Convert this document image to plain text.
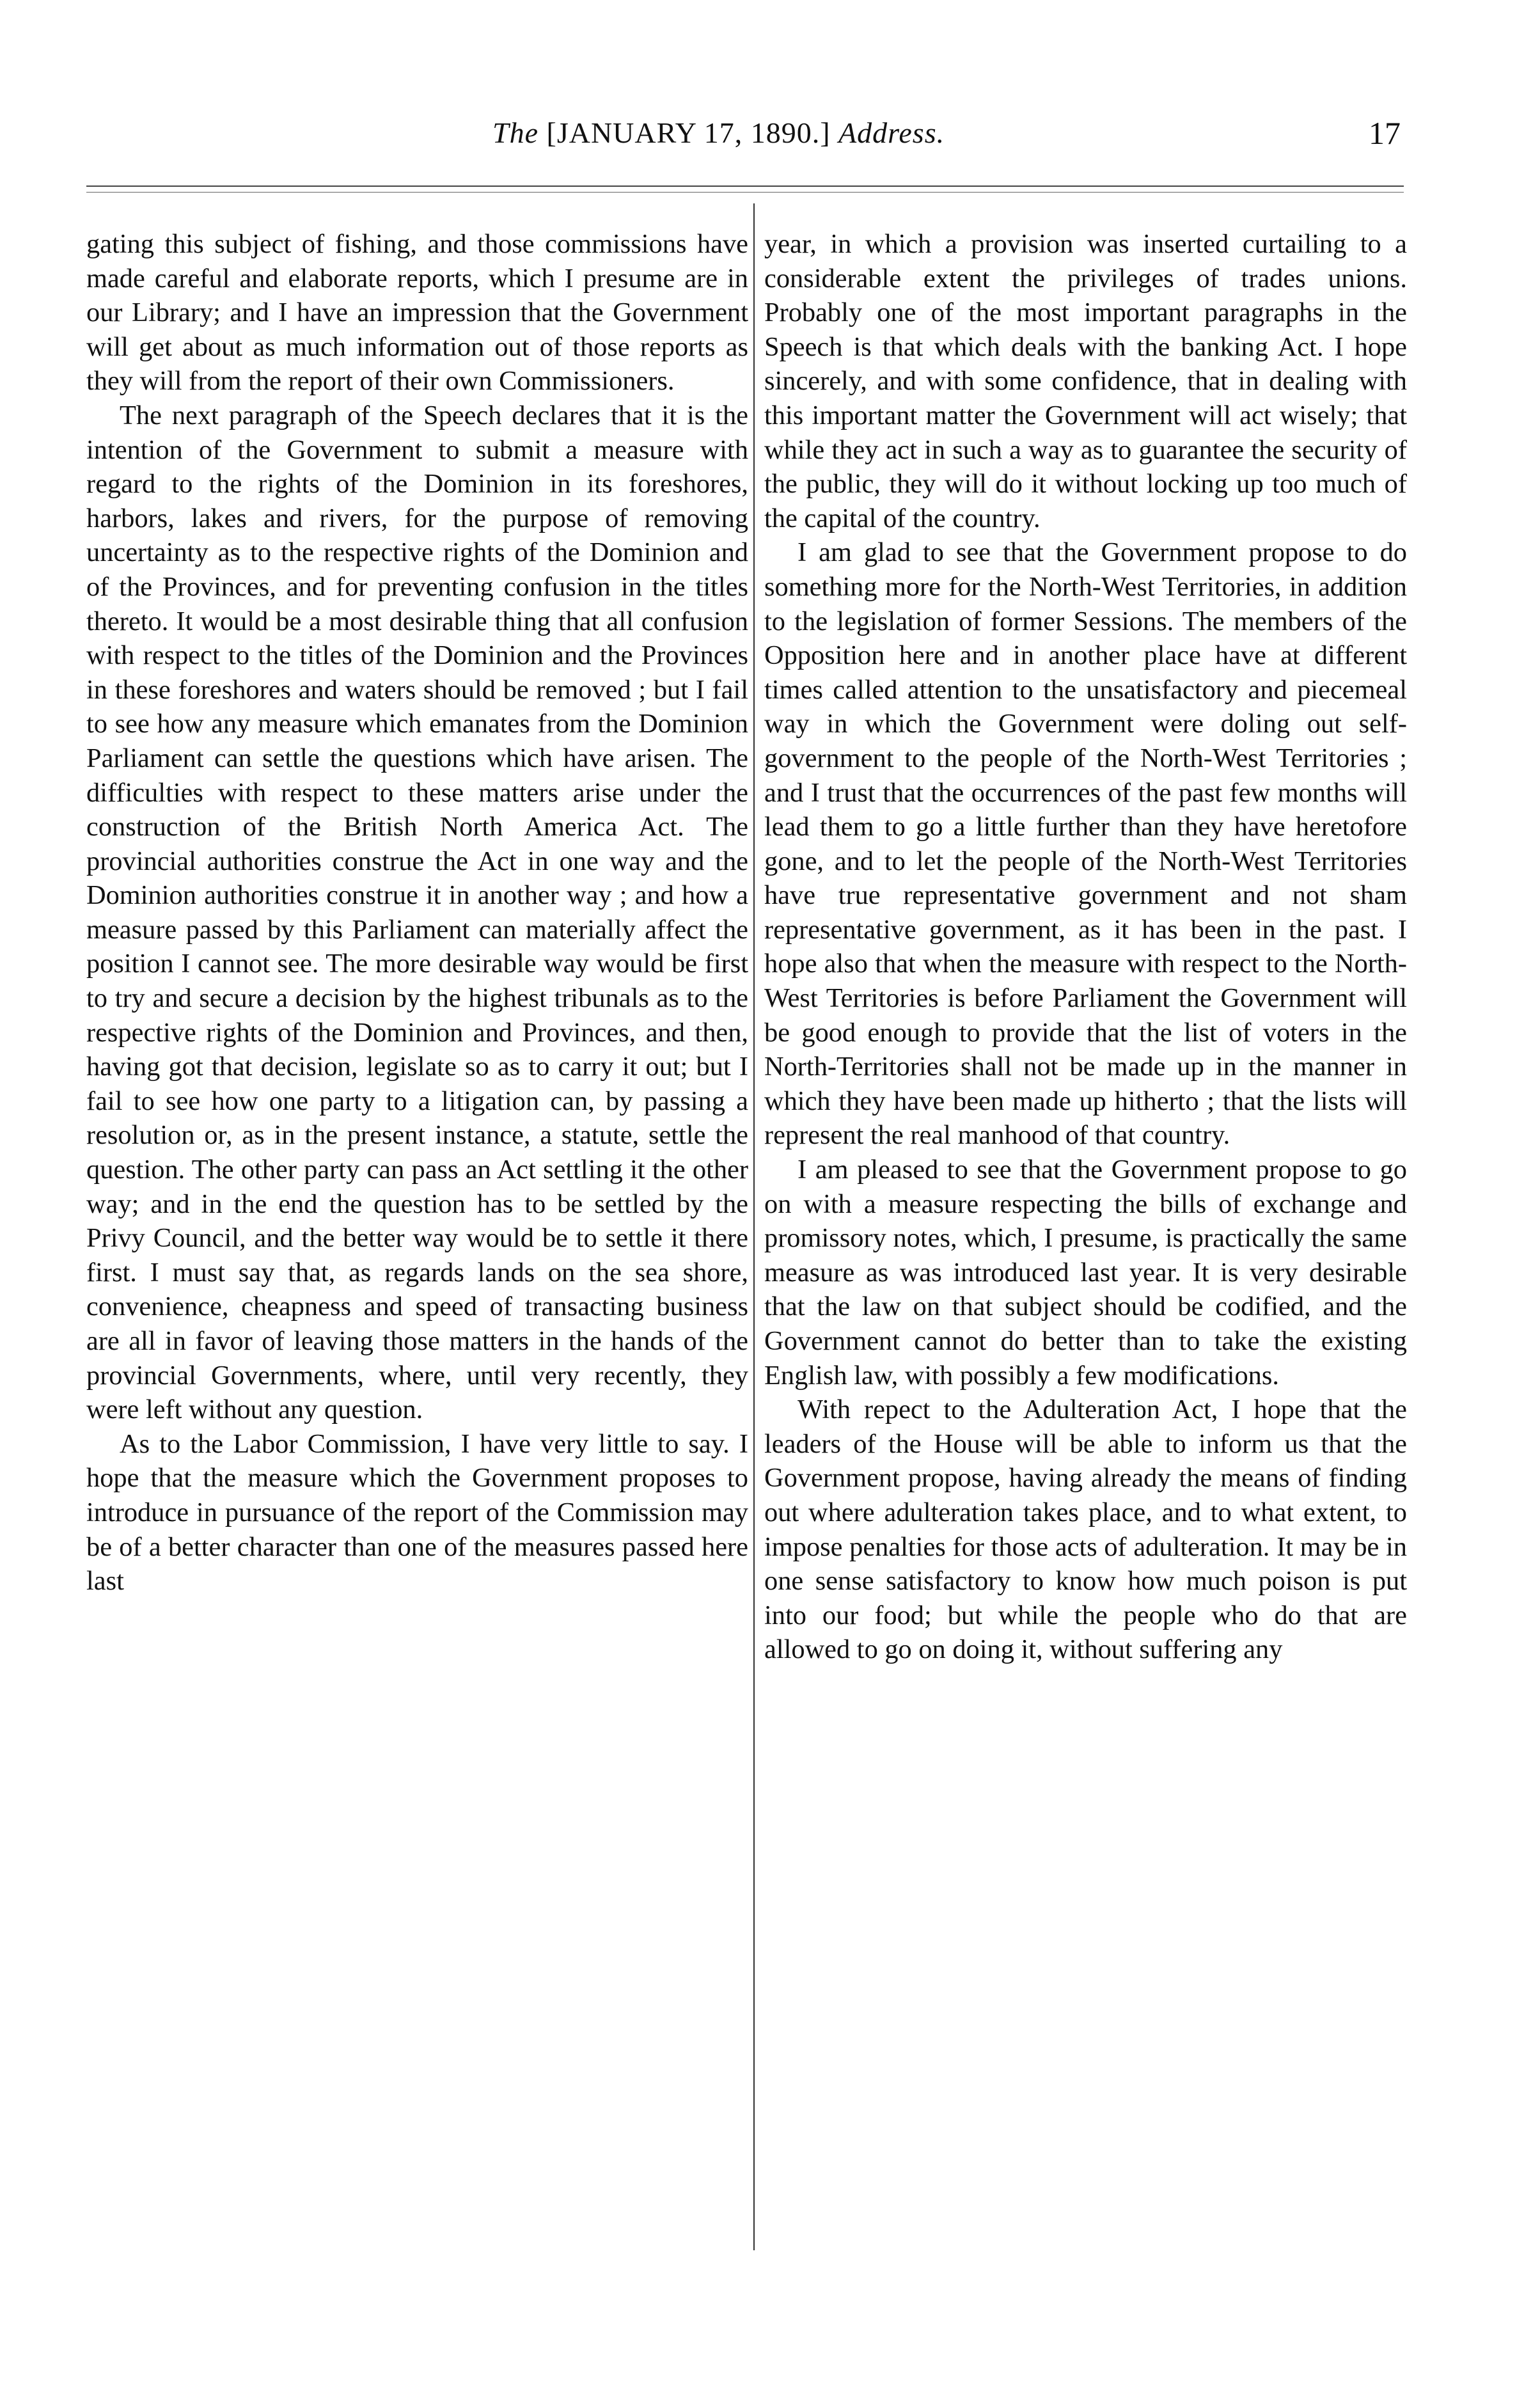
The [JANUARY 17, 1890.] Address.	17

gating this subject of fishing, and those commissions have made careful and elaborate reports, which I presume are in our Library; and I have an impression that the Government will get about as much information out of those reports as they will from the report of their own Commissioners.

The next paragraph of the Speech declares that it is the intention of the Government to submit a measure with regard to the rights of the Dominion in its foreshores, harbors, lakes and rivers, for the purpose of removing uncertainty as to the respective rights of the Dominion and of the Provinces, and for preventing confusion in the titles thereto. It would be a most desirable thing that all confusion with respect to the titles of the Dominion and the Provinces in these foreshores and waters should be removed ; but I fail to see how any measure which emanates from the Dominion Parliament can settle the questions which have arisen. The difficulties with respect to these matters arise under the construction of the British North America Act. The provincial authorities construe the Act in one way and the Dominion authorities construe it in another way ; and how a measure passed by this Parliament can materially affect the position I cannot see. The more desirable way would be first to try and secure a decision by the highest tribunals as to the respective rights of the Dominion and Provinces, and then, having got that decision, legislate so as to carry it out; but I fail to see how one party to a litigation can, by passing a resolution or, as in the present instance, a statute, settle the question. The other party can pass an Act settling it the other way; and in the end the question has to be settled by the Privy Council, and the better way would be to settle it there first. I must say that, as regards lands on the sea shore, convenience, cheapness and speed of transacting business are all in favor of leaving those matters in the hands of the provincial Governments, where, until very recently, they were left without any question.

As to the Labor Commission, I have very little to say. I hope that the measure which the Government proposes to introduce in pursuance of the report of the Commission may be of a better character than one of the measures passed here last

year, in which a provision was inserted curtailing to a considerable extent the privileges of trades unions. Probably one of the most important paragraphs in the Speech is that which deals with the banking Act. I hope sincerely, and with some confidence, that in dealing with this important matter the Government will act wisely; that while they act in such a way as to guarantee the security of the public, they will do it without locking up too much of the capital of the country.

I am glad to see that the Government propose to do something more for the North-West Territories, in addition to the legislation of former Sessions. The members of the Opposition here and in another place have at different times called attention to the unsatisfactory and piecemeal way in which the Government were doling out self-government to the people of the North-West Territories ; and I trust that the occurrences of the past few months will lead them to go a little further than they have heretofore gone, and to let the people of the North-West Territories have true representative government and not sham representative government, as it has been in the past. I hope also that when the measure with respect to the North-West Territories is before Parliament the Government will be good enough to provide that the list of voters in the North-Territories shall not be made up in the manner in which they have been made up hitherto ; that the lists will represent the real manhood of that country.

I am pleased to see that the Government propose to go on with a measure respecting the bills of exchange and promissory notes, which, I presume, is practically the same measure as was introduced last year. It is very desirable that the law on that subject should be codified, and the Government cannot do better than to take the existing English law, with possibly a few modifications.

With repect to the Adulteration Act, I hope that the leaders of the House will be able to inform us that the Government propose, having already the means of finding out where adulteration takes place, and to what extent, to impose penalties for those acts of adulteration. It may be in one sense satisfactory to know how much poison is put into our food; but while the people who do that are allowed to go on doing it, without suffering any
